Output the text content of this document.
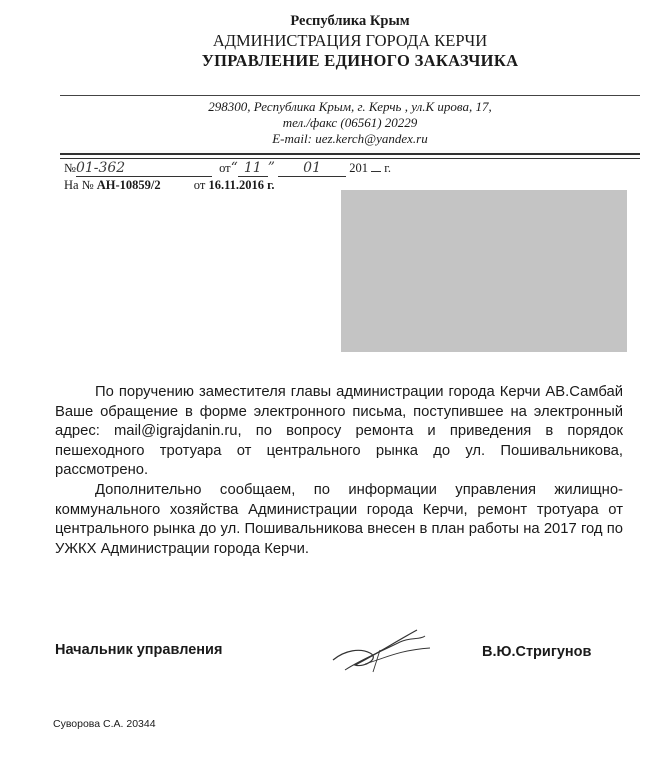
Республика Крым
АДМИНИСТРАЦИЯ ГОРОДА КЕРЧИ
УПРАВЛЕНИЕ ЕДИНОГО ЗАКАЗЧИКА
298300, Республика Крым, г. Керчь , ул.К ирова, 17,
тел./факс (06561) 20229
E-mail: uez.kerch@yandex.ru
№01-362	от“ 11 ” 01 201 г.
На № АН-10859/2	от 16.11.2016 г.

По поручению заместителя главы администрации города Керчи АВ.Самбай Ваше обращение в форме электронного письма, поступившее на электронный адрес: mail@igrajdanin.ru, по вопросу ремонта и приведения в порядок пешеходного тротуара от центрального рынка до ул. Пошивальникова, рассмотрено.

Дополнительно сообщаем, по информации управления жилищно-коммунального хозяйства Администрации города Керчи, ремонт тротуара от центрального рынка до ул. Пошивальникова внесен в план работы на 2017 год по УЖКХ Администрации города Керчи.

Начальник управления	В.Ю.Стригунов
Суворова С.А. 20344
